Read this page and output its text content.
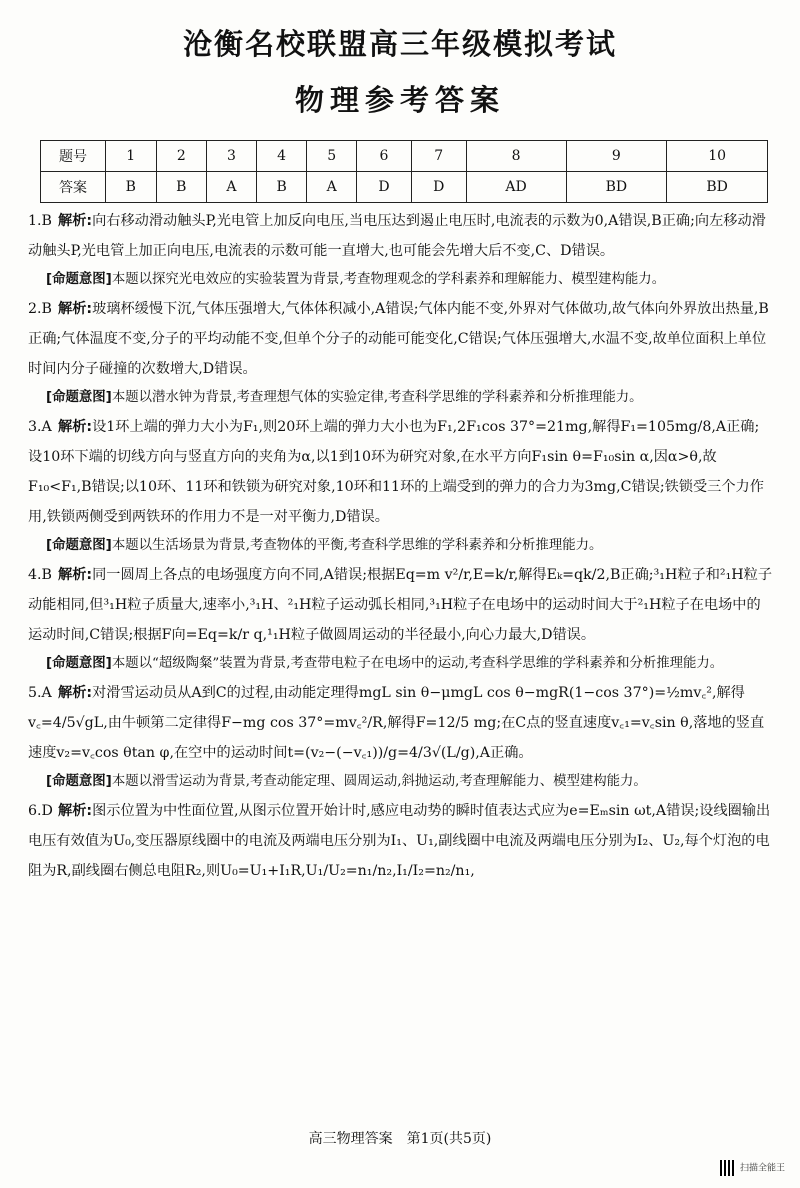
沧衡名校联盟高三年级模拟考试
物理参考答案
题号	1	2	3	4	5	6	7	8	9	10
答案	B	B	A	B	A	D	D	AD	BD	BD

1.B 解析:向右移动滑动触头P,光电管上加反向电压,当电压达到遏止电压时,电流表的示数为0,A错误,B正确;向左移动滑动触头P,光电管上加正向电压,电流表的示数可能一直增大,也可能会先增大后不变,C、D错误。

[命题意图]本题以探究光电效应的实验装置为背景,考查物理观念的学科素养和理解能力、模型建构能力。

2.B 解析:玻璃杯缓慢下沉,气体压强增大,气体体积减小,A错误;气体内能不变,外界对气体做功,故气体向外界放出热量,B正确;气体温度不变,分子的平均动能不变,但单个分子的动能可能变化,C错误;气体压强增大,水温不变,故单位面积上单位时间内分子碰撞的次数增大,D错误。

[命题意图]本题以潜水钟为背景,考查理想气体的实验定律,考查科学思维的学科素养和分析推理能力。

3.A 解析:设1环上端的弹力大小为F₁,则20环上端的弹力大小也为F₁,2F₁cos 37°=21mg,解得F₁=105mg/8,A正确;设10环下端的切线方向与竖直方向的夹角为α,以1到10环为研究对象,在水平方向F₁sin θ=F₁₀sin α,因α>θ,故F₁₀<F₁,B错误;以10环、11环和铁锁为研究对象,10环和11环的上端受到的弹力的合力为3mg,C错误;铁锁受三个力作用,铁锁两侧受到两铁环的作用力不是一对平衡力,D错误。

[命题意图]本题以生活场景为背景,考查物体的平衡,考查科学思维的学科素养和分析推理能力。

4.B 解析:同一圆周上各点的电场强度方向不同,A错误;根据Eq=m v²/r,E=k/r,解得Eₖ=qk/2,B正确;³₁H粒子和²₁H粒子动能相同,但³₁H粒子质量大,速率小,³₁H、²₁H粒子运动弧长相同,³₁H粒子在电场中的运动时间大于²₁H粒子在电场中的运动时间,C错误;根据F向=Eq=k/r q,¹₁H粒子做圆周运动的半径最小,向心力最大,D错误。

[命题意图]本题以“超级陶粲”装置为背景,考查带电粒子在电场中的运动,考查科学思维的学科素养和分析推理能力。

5.A 解析:对滑雪运动员从A到C的过程,由动能定理得mgL sin θ−μmgL cos θ−mgR(1−cos 37°)=½mv꜀²,解得v꜀=4/5√gL,由牛顿第二定律得F−mg cos 37°=mv꜀²/R,解得F=12/5 mg;在C点的竖直速度v꜀₁=v꜀sin θ,落地的竖直速度v₂=v꜀cos θtan φ,在空中的运动时间t=(v₂−(−v꜀₁))/g=4/3√(L/g),A正确。

[命题意图]本题以滑雪运动为背景,考查动能定理、圆周运动,斜抛运动,考查理解能力、模型建构能力。

6.D 解析:图示位置为中性面位置,从图示位置开始计时,感应电动势的瞬时值表达式应为e=Eₘsin ωt,A错误;设线圈输出电压有效值为U₀,变压器原线圈中的电流及两端电压分别为I₁、U₁,副线圈中电流及两端电压分别为I₂、U₂,每个灯泡的电阻为R,副线圈右侧总电阻R₂,则U₀=U₁+I₁R,U₁/U₂=n₁/n₂,I₁/I₂=n₂/n₁,

高三物理答案　第1页(共5页)
扫描全能王
